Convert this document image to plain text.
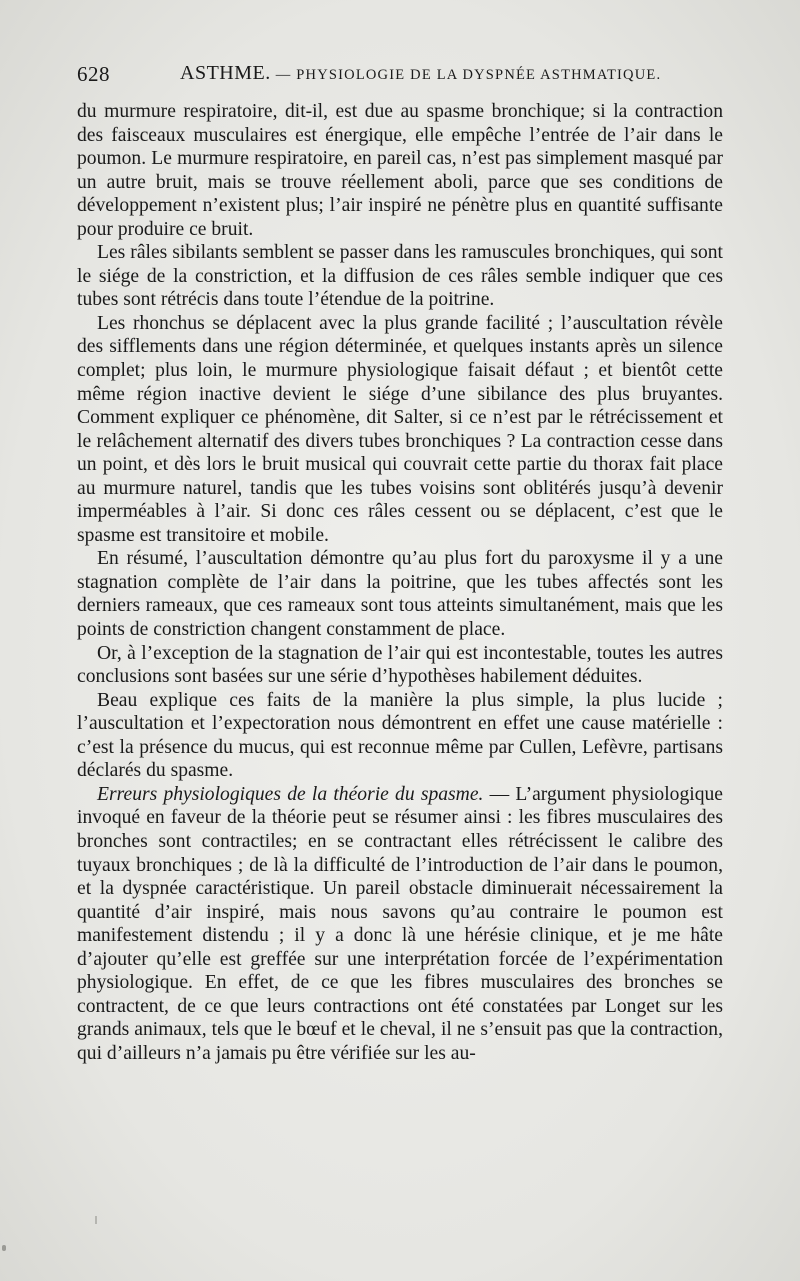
628	ASTHME. — PHYSIOLOGIE DE LA DYSPNÉE ASTHMATIQUE.

du murmure respiratoire, dit-il, est due au spasme bronchique; si la contraction des faisceaux musculaires est énergique, elle empêche l’entrée de l’air dans le poumon. Le murmure respiratoire, en pareil cas, n’est pas simplement masqué par un autre bruit, mais se trouve réellement aboli, parce que ses conditions de développement n’existent plus; l’air inspiré ne pénètre plus en quantité suffisante pour produire ce bruit.

Les râles sibilants semblent se passer dans les ramuscules bronchiques, qui sont le siége de la constriction, et la diffusion de ces râles semble indiquer que ces tubes sont rétrécis dans toute l’étendue de la poitrine.

Les rhonchus se déplacent avec la plus grande facilité ; l’auscultation révèle des sifflements dans une région déterminée, et quelques instants après un silence complet; plus loin, le murmure physiologique faisait défaut ; et bientôt cette même région inactive devient le siége d’une sibilance des plus bruyantes. Comment expliquer ce phénomène, dit Salter, si ce n’est par le rétrécissement et le relâchement alternatif des divers tubes bronchiques ? La contraction cesse dans un point, et dès lors le bruit musical qui couvrait cette partie du thorax fait place au murmure naturel, tandis que les tubes voisins sont oblitérés jusqu’à devenir imperméables à l’air. Si donc ces râles cessent ou se déplacent, c’est que le spasme est transitoire et mobile.

En résumé, l’auscultation démontre qu’au plus fort du paroxysme il y a une stagnation complète de l’air dans la poitrine, que les tubes affectés sont les derniers rameaux, que ces rameaux sont tous atteints simultanément, mais que les points de constriction changent constamment de place.

Or, à l’exception de la stagnation de l’air qui est incontestable, toutes les autres conclusions sont basées sur une série d’hypothèses habilement déduites.

Beau explique ces faits de la manière la plus simple, la plus lucide ; l’auscultation et l’expectoration nous démontrent en effet une cause matérielle : c’est la présence du mucus, qui est reconnue même par Cullen, Lefèvre, partisans déclarés du spasme.

Erreurs physiologiques de la théorie du spasme. — L’argument physiologique invoqué en faveur de la théorie peut se résumer ainsi : les fibres musculaires des bronches sont contractiles; en se contractant elles rétrécissent le calibre des tuyaux bronchiques ; de là la difficulté de l’introduction de l’air dans le poumon, et la dyspnée caractéristique. Un pareil obstacle diminuerait nécessairement la quantité d’air inspiré, mais nous savons qu’au contraire le poumon est manifestement distendu ; il y a donc là une hérésie clinique, et je me hâte d’ajouter qu’elle est greffée sur une interprétation forcée de l’expérimentation physiologique. En effet, de ce que les fibres musculaires des bronches se contractent, de ce que leurs contractions ont été constatées par Longet sur les grands animaux, tels que le bœuf et le cheval, il ne s’ensuit pas que la contraction, qui d’ailleurs n’a jamais pu être vérifiée sur les au-
